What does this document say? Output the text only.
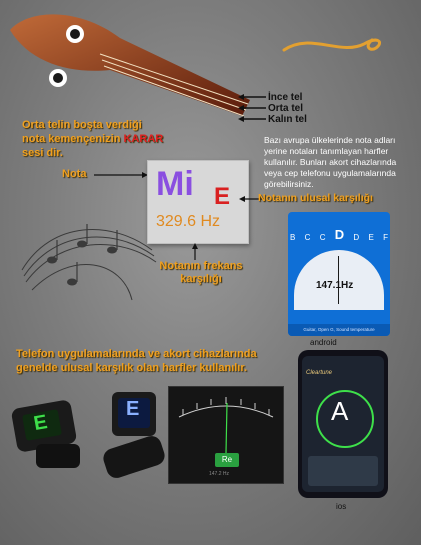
İnce tel
Orta tel
Kalın tel
Orta telin boşta verdiği
nota kemençenizin KARAR
sesi dir.
Bazı avrupa ülkelerinde nota adları yerine notaları tanımlayan harfler kullanılır. Bunları akort cihazlarında veya cep telefonu uygulamalarında görebilirsiniz.
Nota Mi E
329.6 Hz
Notanın ulusal karşılığı
Notanın frekans karşılığı
B C C D D E F
147.1Hz
Guitar, Open G, Sound temperature
android
Telefon uygulamalarında ve akort cihazlarında genelde ulusal karşılık olan harfler kullanılır.
E
E
Re
147.2 Hz
Cleartune
A
ios
